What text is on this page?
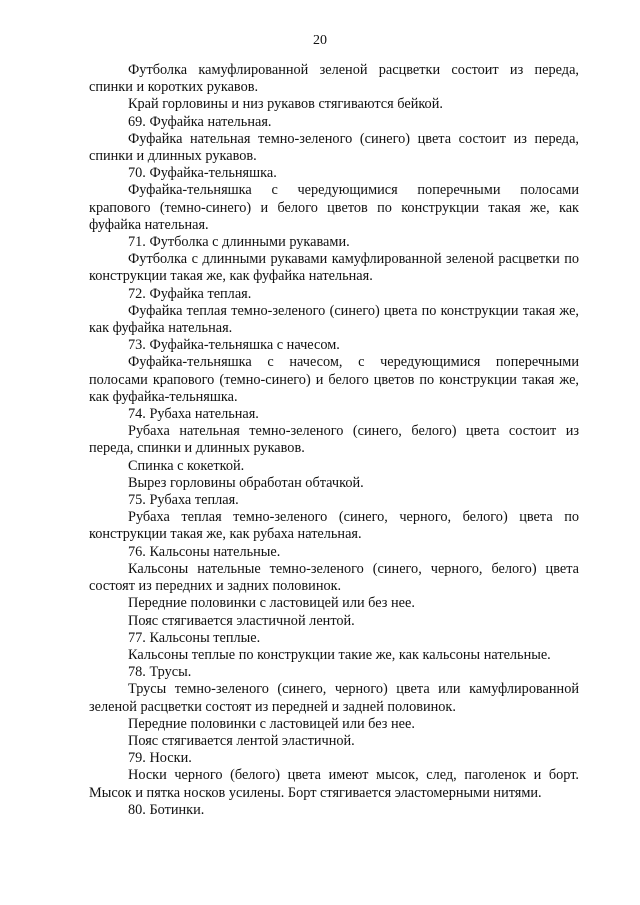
20

Футболка камуфлированной зеленой расцветки состоит из переда, спинки и коротких рукавов.

Край горловины и низ рукавов стягиваются бейкой.

69. Фуфайка нательная.

Фуфайка нательная темно-зеленого (синего) цвета состоит из переда, спинки и длинных рукавов.

70. Фуфайка-тельняшка.

Фуфайка-тельняшка с чередующимися поперечными полосами крапового (темно-синего) и белого цветов по конструкции такая же, как фуфайка нательная.

71. Футболка с длинными рукавами.

Футболка с длинными рукавами камуфлированной зеленой расцветки по конструкции такая же, как фуфайка нательная.

72. Фуфайка теплая.

Фуфайка теплая темно-зеленого (синего) цвета по конструкции такая же, как фуфайка нательная.

73. Фуфайка-тельняшка с начесом.

Фуфайка-тельняшка с начесом, с чередующимися поперечными полосами крапового (темно-синего) и белого цветов по конструкции такая же, как фуфайка-тельняшка.

74. Рубаха нательная.

Рубаха нательная темно-зеленого (синего, белого) цвета состоит из переда, спинки и длинных рукавов.

Спинка с кокеткой.

Вырез горловины обработан обтачкой.

75. Рубаха теплая.

Рубаха теплая темно-зеленого (синего, черного, белого) цвета по конструкции такая же, как рубаха нательная.

76. Кальсоны нательные.

Кальсоны нательные темно-зеленого (синего, черного, белого) цвета состоят из передних и задних половинок.

Передние половинки с ластовицей или без нее.

Пояс стягивается эластичной лентой.

77. Кальсоны теплые.

Кальсоны теплые по конструкции такие же, как кальсоны нательные.

78. Трусы.

Трусы темно-зеленого (синего, черного) цвета или камуфлированной зеленой расцветки состоят из передней и задней половинок.

Передние половинки с ластовицей или без нее.

Пояс стягивается лентой эластичной.

79. Носки.

Носки черного (белого) цвета имеют мысок, след, паголенок и борт. Мысок и пятка носков усилены. Борт стягивается эластомерными нитями.

80. Ботинки.
